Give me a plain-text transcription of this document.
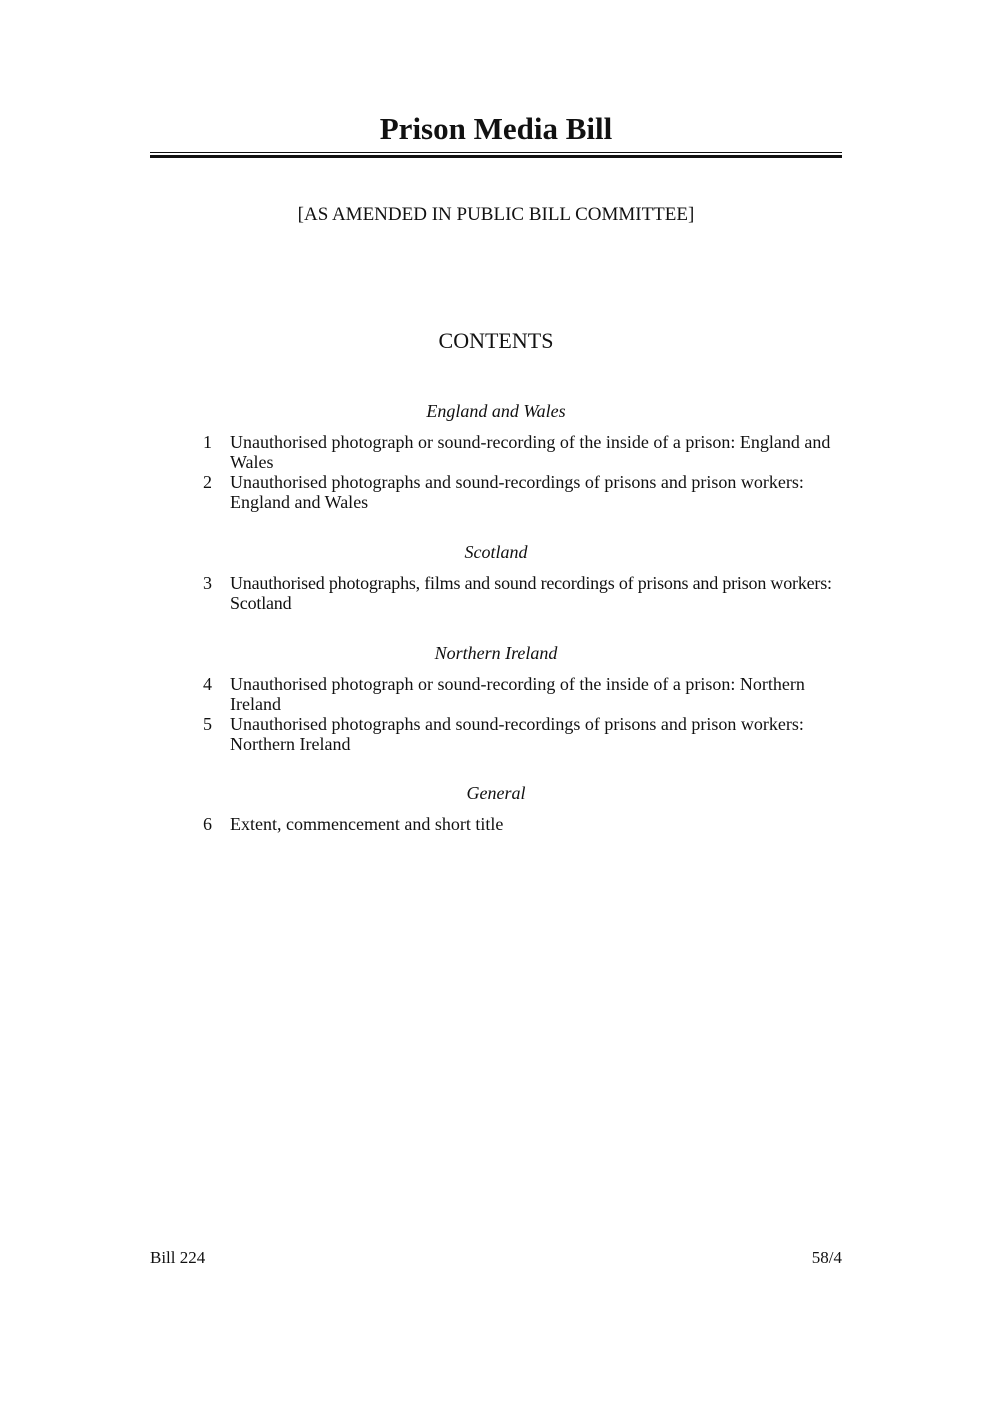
Prison Media Bill
[AS AMENDED IN PUBLIC BILL COMMITTEE]
CONTENTS
England and Wales
1 Unauthorised photograph or sound-recording of the inside of a prison: England and Wales
2 Unauthorised photographs and sound-recordings of prisons and prison workers: England and Wales
Scotland
3 Unauthorised photographs, films and sound recordings of prisons and prison workers: Scotland
Northern Ireland
4 Unauthorised photograph or sound-recording of the inside of a prison: Northern Ireland
5 Unauthorised photographs and sound-recordings of prisons and prison workers: Northern Ireland
General
6 Extent, commencement and short title
Bill 224	58/4
